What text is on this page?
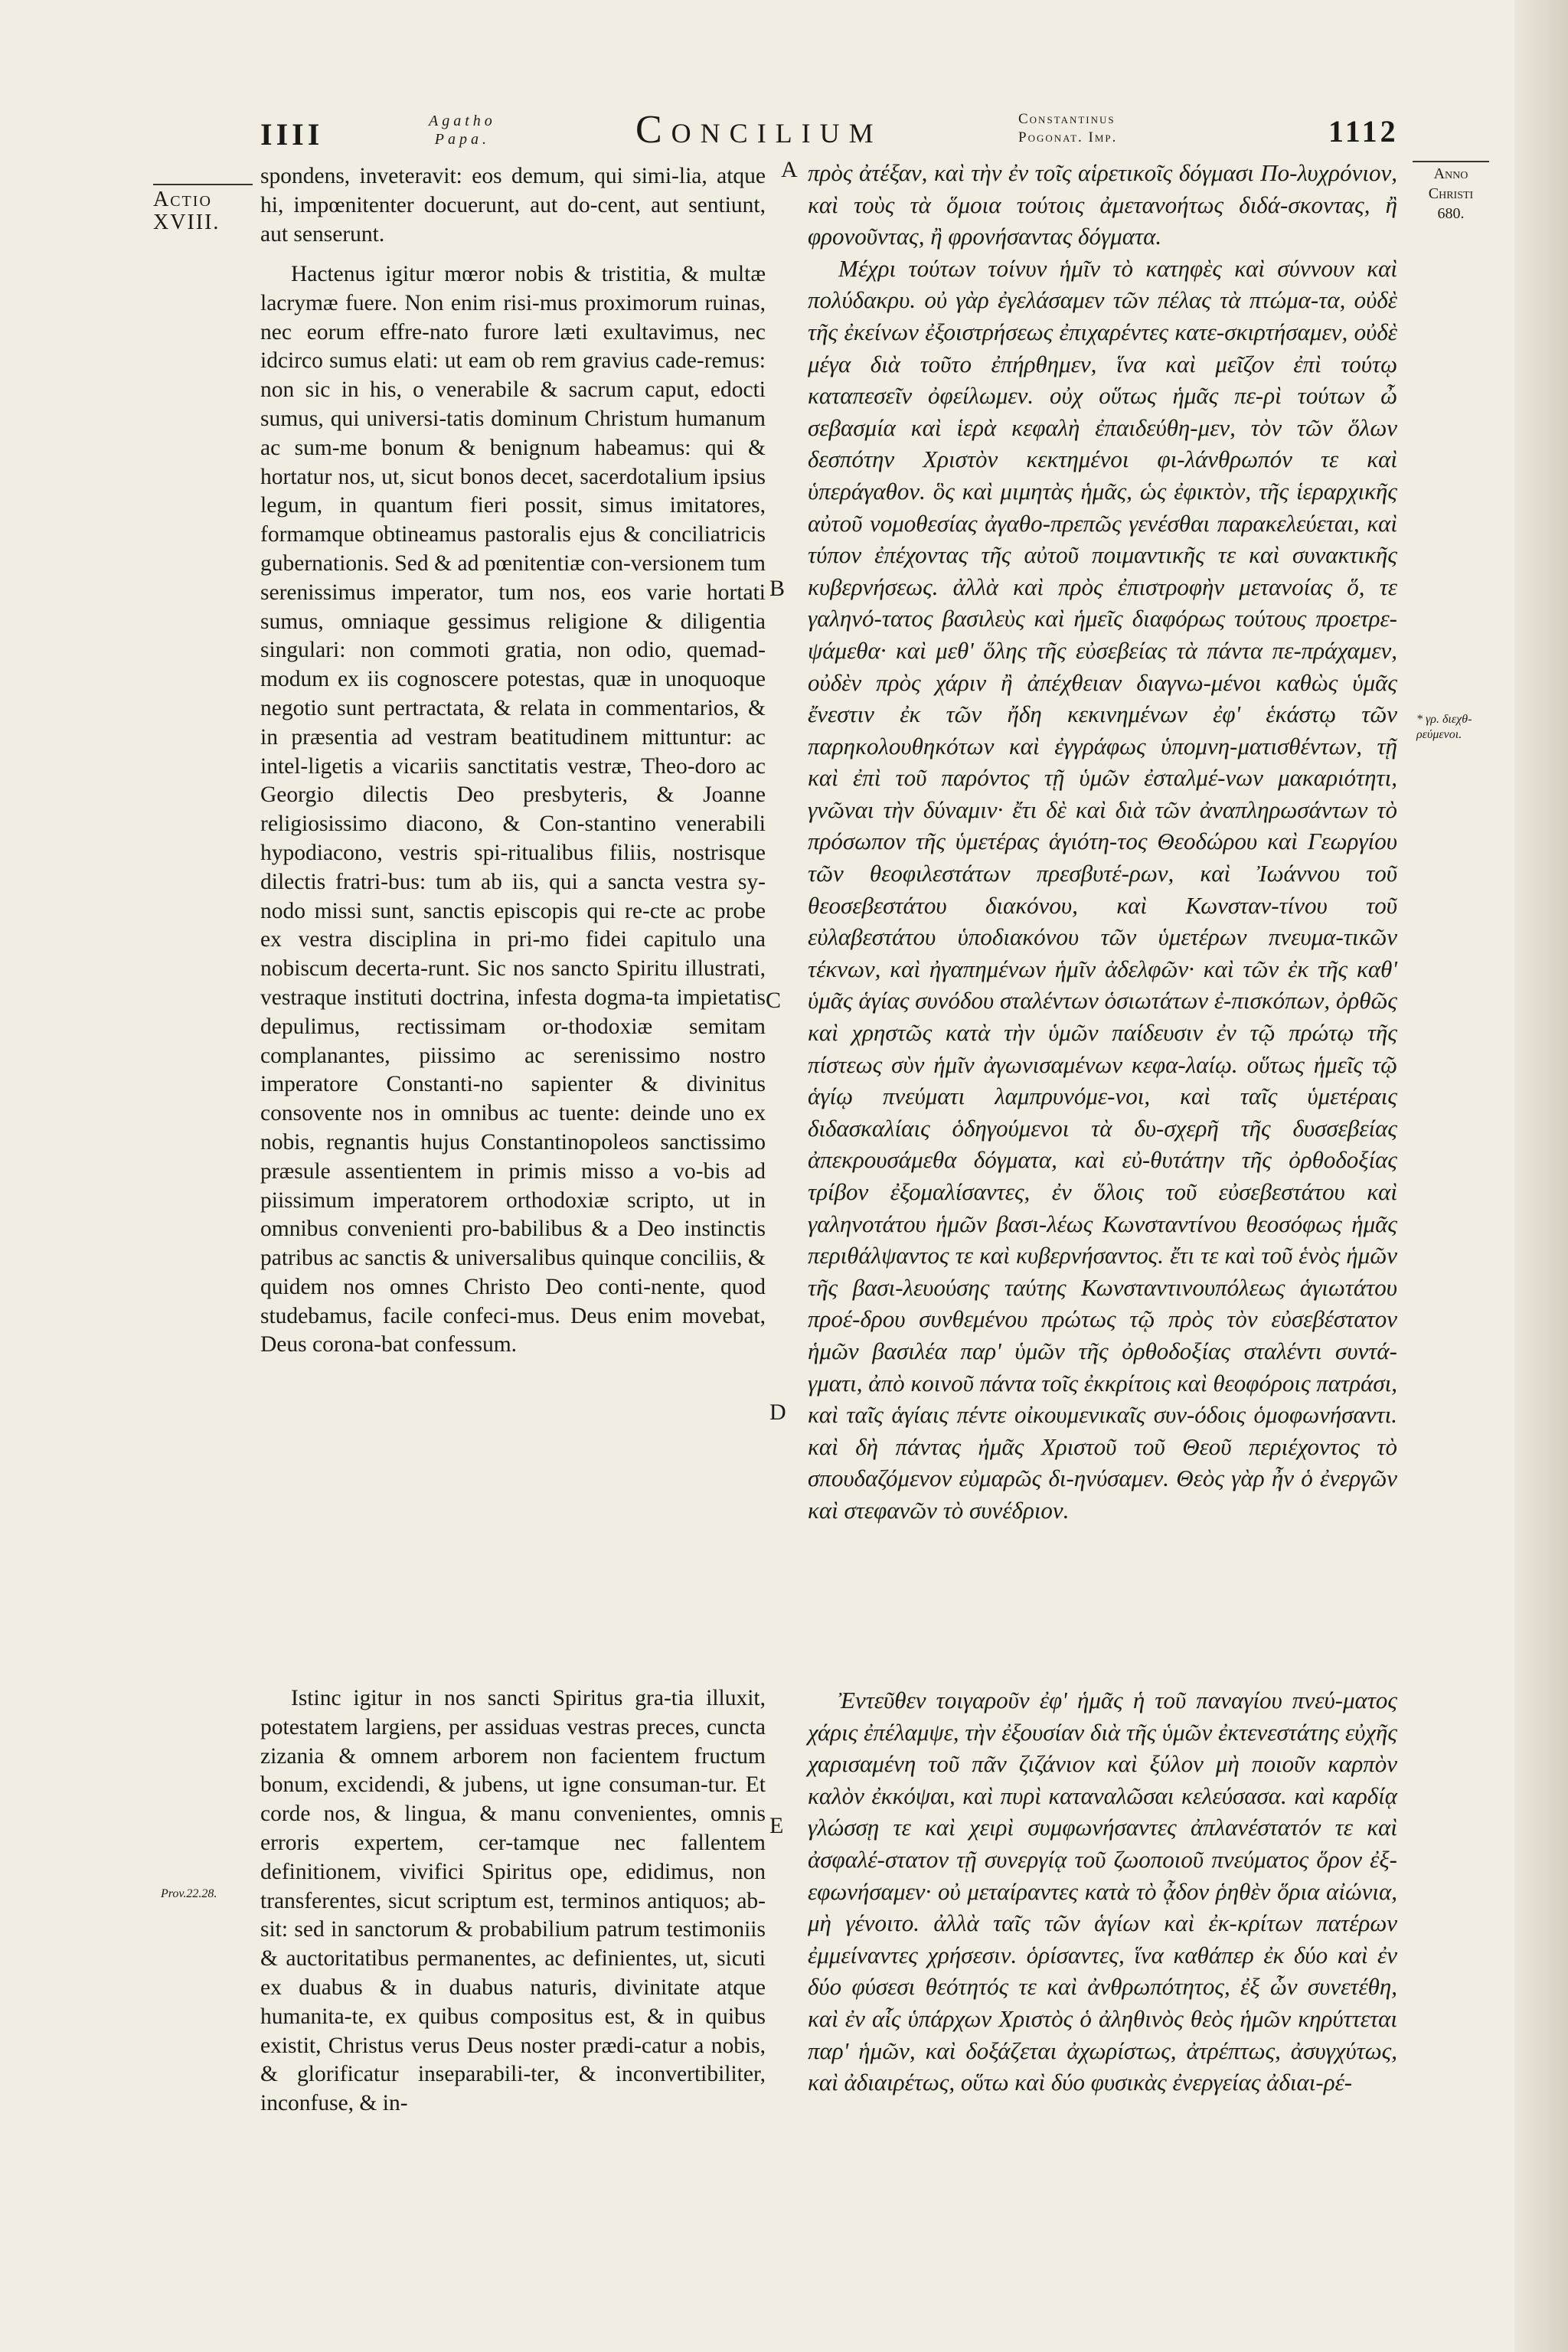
IIII	Agatho
Papa.	Concilium	Constantinus
Pogonat. Imp.	1112
Actio
XVIII.
Anno
Christi
680.
* γρ. διεχθ- ρεύμενοι.
Prov.22.28.
A
B
C
D
E

spondens, inveteravit: eos demum, qui simi-lia, atque hi, impœnitenter docuerunt, aut do-cent, aut sentiunt, aut senserunt.

Hactenus igitur mœror nobis & tristitia, & multæ lacrymæ fuere. Non enim risi-mus proximorum ruinas, nec eorum effre-nato furore læti exultavimus, nec idcirco sumus elati: ut eam ob rem gravius cade-remus: non sic in his, o venerabile & sacrum caput, edocti sumus, qui universi-tatis dominum Christum humanum ac sum-me bonum & benignum habeamus: qui & hortatur nos, ut, sicut bonos decet, sacerdotalium ipsius legum, in quantum fieri possit, simus imitatores, formamque obtineamus pastoralis ejus & conciliatricis gubernationis. Sed & ad pœnitentiæ con-versionem tum serenissimus imperator, tum nos, eos varie hortati sumus, omniaque gessimus religione & diligentia singulari: non commoti gratia, non odio, quemad-modum ex iis cognoscere potestas, quæ in unoquoque negotio sunt pertractata, & relata in commentarios, & in præsentia ad vestram beatitudinem mittuntur: ac intel-ligetis a vicariis sanctitatis vestræ, Theo-doro ac Georgio dilectis Deo presbyteris, & Joanne religiosissimo diacono, & Con-stantino venerabili hypodiacono, vestris spi-ritualibus filiis, nostrisque dilectis fratri-bus: tum ab iis, qui a sancta vestra sy-nodo missi sunt, sanctis episcopis qui re-cte ac probe ex vestra disciplina in pri-mo fidei capitulo una nobiscum decerta-runt. Sic nos sancto Spiritu illustrati, vestraque instituti doctrina, infesta dogma-ta impietatis depulimus, rectissimam or-thodoxiæ semitam complanantes, piissimo ac serenissimo nostro imperatore Constanti-no sapienter & divinitus consovente nos in omnibus ac tuente: deinde uno ex nobis, regnantis hujus Constantinopoleos sanctissimo præsule assentientem in primis misso a vo-bis ad piissimum imperatorem orthodoxiæ scripto, ut in omnibus convenienti pro-babilibus & a Deo instinctis patribus ac sanctis & universalibus quinque conciliis, & quidem nos omnes Christo Deo conti-nente, quod studebamus, facile confeci-mus. Deus enim movebat, Deus corona-bat confessum.

Istinc igitur in nos sancti Spiritus gra-tia illuxit, potestatem largiens, per assiduas vestras preces, cuncta zizania & omnem arborem non facientem fructum bonum, excidendi, & jubens, ut igne consuman-tur. Et corde nos, & lingua, & manu convenientes, omnis erroris expertem, cer-tamque nec fallentem definitionem, vivifici Spiritus ope, edidimus, non transferentes, sicut scriptum est, terminos antiquos; ab-sit: sed in sanctorum & probabilium patrum testimoniis & auctoritatibus permanentes, ac definientes, ut, sicuti ex duabus & in duabus naturis, divinitate atque humanita-te, ex quibus compositus est, & in quibus existit, Christus verus Deus noster prædi-catur a nobis, & glorificatur inseparabili-ter, & inconvertibiliter, inconfuse, & in-

πρὸς ἀτέξαν, καὶ τὴν ἐν τοῖς αἱρετικοῖς δόγμασι Πο-λυχρόνιον, καὶ τοὺς τὰ ὅμοια τούτοις ἀμετανοήτως διδά-σκοντας, ἢ φρονοῦντας, ἢ φρονήσαντας δόγματα.

Μέχρι τούτων τοίνυν ἡμῖν τὸ κατηφὲς καὶ σύννουν καὶ πολύδακρυ. οὐ γὰρ ἐγελάσαμεν τῶν πέλας τὰ πτώμα-τα, οὐδὲ τῆς ἐκείνων ἐξοιστρήσεως ἐπιχαρέντες κατε-σκιρτήσαμεν, οὐδὲ μέγα διὰ τοῦτο ἐπήρθημεν, ἵνα καὶ μεῖζον ἐπὶ τούτῳ καταπεσεῖν ὀφείλωμεν. οὐχ οὕτως ἡμᾶς πε-ρὶ τούτων ὦ σεβασμία καὶ ἱερὰ κεφαλὴ ἐπαιδεύθη-μεν, τὸν τῶν ὅλων δεσπότην Χριστὸν κεκτημένοι φι-λάνθρωπόν τε καὶ ὑπεράγαθον. ὃς καὶ μιμητὰς ἡμᾶς, ὡς ἐφικτὸν, τῆς ἱεραρχικῆς αὐτοῦ νομοθεσίας ἀγαθο-πρεπῶς γενέσθαι παρακελεύεται, καὶ τύπον ἐπέχοντας τῆς αὐτοῦ ποιμαντικῆς τε καὶ συνακτικῆς κυβερνήσεως. ἀλλὰ καὶ πρὸς ἐπιστροφὴν μετανοίας ὅ, τε γαληνό-τατος βασιλεὺς καὶ ἡμεῖς διαφόρως τούτους προετρε-ψάμεθα· καὶ μεθ' ὅλης τῆς εὐσεβείας τὰ πάντα πε-πράχαμεν, οὐδὲν πρὸς χάριν ἢ ἀπέχθειαν διαγνω-μένοι καθὼς ὑμᾶς ἔνεστιν ἐκ τῶν ἤδη κεκινημένων ἐφ' ἑκάστῳ τῶν παρηκολουθηκότων καὶ ἐγγράφως ὑπομνη-ματισθέντων, τῇ καὶ ἐπὶ τοῦ παρόντος τῇ ὑμῶν ἐσταλμέ-νων μακαριότητι, γνῶναι τὴν δύναμιν· ἔτι δὲ καὶ διὰ τῶν ἀναπληρωσάντων τὸ πρόσωπον τῆς ὑμετέρας ἁγιότη-τος Θεοδώρου καὶ Γεωργίου τῶν θεοφιλεστάτων πρεσβυτέ-ρων, καὶ Ἰωάννου τοῦ θεοσεβεστάτου διακόνου, καὶ Κωνσταν-τίνου τοῦ εὐλαβεστάτου ὑποδιακόνου τῶν ὑμετέρων πνευμα-τικῶν τέκνων, καὶ ἠγαπημένων ἡμῖν ἀδελφῶν· καὶ τῶν ἐκ τῆς καθ' ὑμᾶς ἁγίας συνόδου σταλέντων ὁσιωτάτων ἐ-πισκόπων, ὀρθῶς καὶ χρηστῶς κατὰ τὴν ὑμῶν παίδευσιν ἐν τῷ πρώτῳ τῆς πίστεως σὺν ἡμῖν ἀγωνισαμένων κεφα-λαίῳ. οὕτως ἡμεῖς τῷ ἁγίῳ πνεύματι λαμπρυνόμε-νοι, καὶ ταῖς ὑμετέραις διδασκαλίαις ὁδηγούμενοι τὰ δυ-σχερῆ τῆς δυσσεβείας ἀπεκρουσάμεθα δόγματα, καὶ εὐ-θυτάτην τῆς ὀρθοδοξίας τρίβον ἐξομαλίσαντες, ἐν ὅλοις τοῦ εὐσεβεστάτου καὶ γαληνοτάτου ἡμῶν βασι-λέως Κωνσταντίνου θεοσόφως ἡμᾶς περιθάλψαντος τε καὶ κυβερνήσαντος. ἔτι τε καὶ τοῦ ἑνὸς ἡμῶν τῆς βασι-λευούσης ταύτης Κωνσταντινουπόλεως ἁγιωτάτου προέ-δρου συνθεμένου πρώτως τῷ πρὸς τὸν εὐσεβέστατον ἡμῶν βασιλέα παρ' ὑμῶν τῆς ὀρθοδοξίας σταλέντι συντά-γματι, ἀπὸ κοινοῦ πάντα τοῖς ἐκκρίτοις καὶ θεοφόροις πατράσι, καὶ ταῖς ἁγίαις πέντε οἰκουμενικαῖς συν-όδοις ὁμοφωνήσαντι. καὶ δὴ πάντας ἡμᾶς Χριστοῦ τοῦ Θεοῦ περιέχοντος τὸ σπουδαζόμενον εὐμαρῶς δι-ηνύσαμεν. Θεὸς γὰρ ἦν ὁ ἐνεργῶν καὶ στεφανῶν τὸ συνέδριον.

Ἐντεῦθεν τοιγαροῦν ἐφ' ἡμᾶς ἡ τοῦ παναγίου πνεύ-ματος χάρις ἐπέλαμψε, τὴν ἐξουσίαν διὰ τῆς ὑμῶν ἐκτενεστάτης εὐχῆς χαρισαμένη τοῦ πᾶν ζιζάνιον καὶ ξύλον μὴ ποιοῦν καρπὸν καλὸν ἐκκόψαι, καὶ πυρὶ καταναλῶσαι κελεύσασα. καὶ καρδίᾳ γλώσσῃ τε καὶ χειρὶ συμφωνήσαντες ἀπλανέστατόν τε καὶ ἀσφαλέ-στατον τῇ συνεργίᾳ τοῦ ζωοποιοῦ πνεύματος ὅρον ἐξ-εφωνήσαμεν· οὐ μεταίραντες κατὰ τὸ ᾆδον ῥηθὲν ὅρια αἰώνια, μὴ γένοιτο. ἀλλὰ ταῖς τῶν ἁγίων καὶ ἐκ-κρίτων πατέρων ἐμμείναντες χρήσεσιν. ὁρίσαντες, ἵνα καθάπερ ἐκ δύο καὶ ἐν δύο φύσεσι θεότητός τε καὶ ἀνθρωπότητος, ἐξ ὧν συνετέθη, καὶ ἐν αἷς ὑπάρχων Χριστὸς ὁ ἀληθινὸς θεὸς ἡμῶν κηρύττεται παρ' ἡμῶν, καὶ δοξάζεται ἀχωρίστως, ἀτρέπτως, ἀσυγχύτως, καὶ ἀδιαιρέτως, οὕτω καὶ δύο φυσικὰς ἐνεργείας ἀδιαι-ρέ-
